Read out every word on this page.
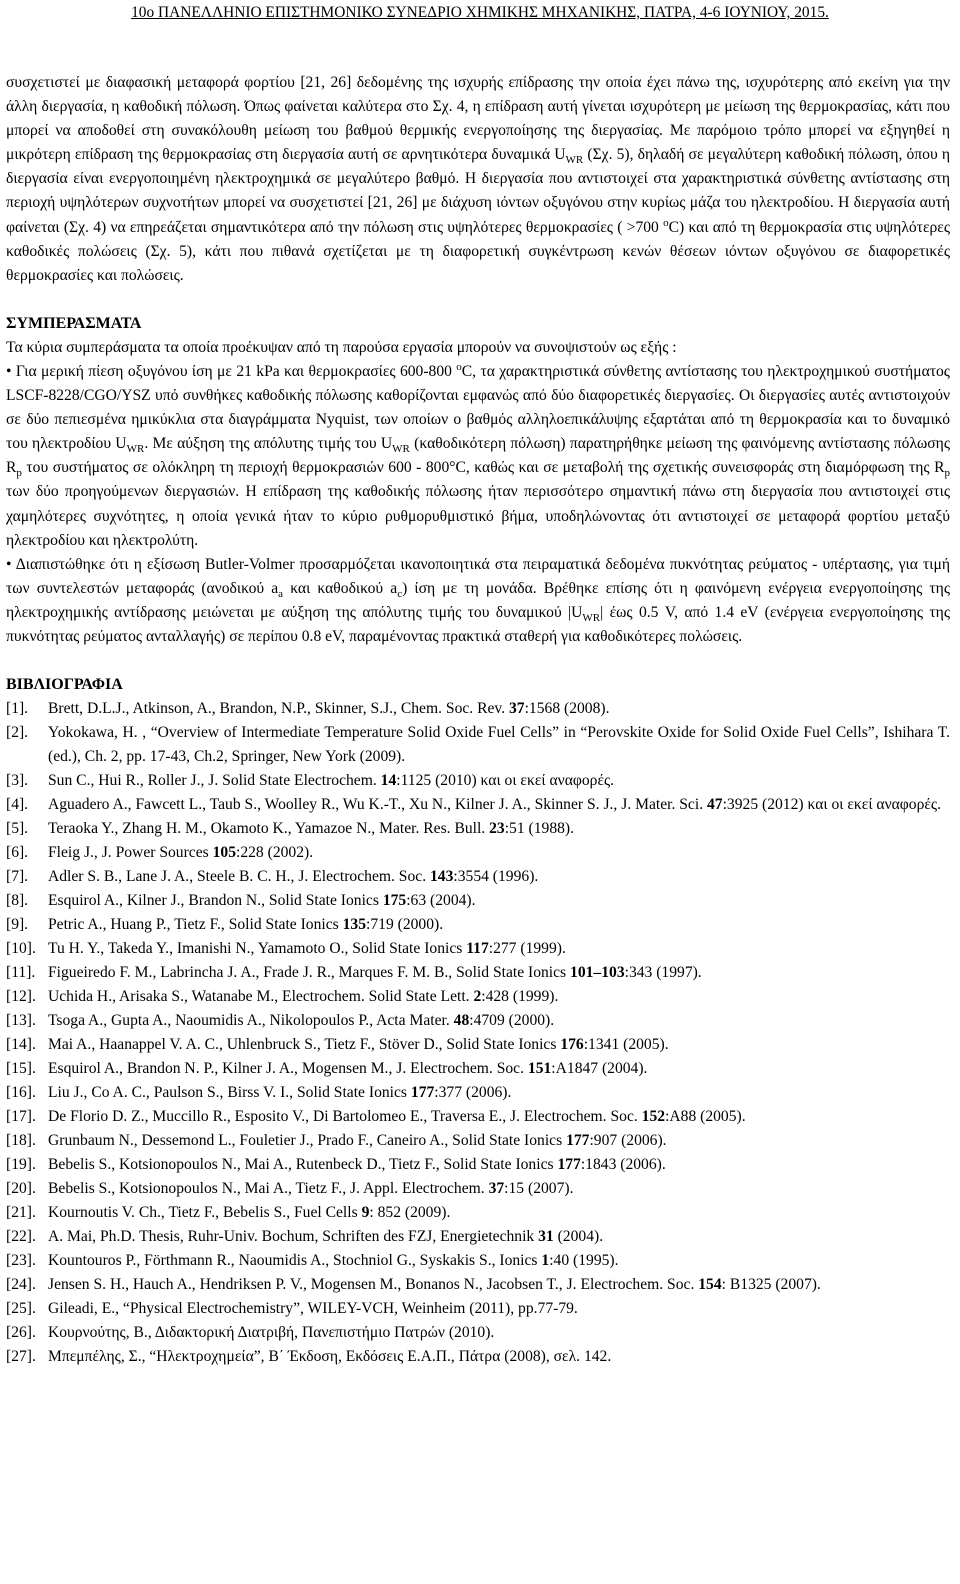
10ο ΠΑΝΕΛΛΗΝΙΟ ΕΠΙΣΤΗΜΟΝΙΚΟ ΣΥΝΕΔΡΙΟ ΧΗΜΙΚΗΣ ΜΗΧΑΝΙΚΗΣ, ΠΑΤΡΑ, 4-6 ΙΟΥΝΙΟΥ, 2015.

συσχετιστεί με διαφασική μεταφορά φορτίου [21, 26] δεδομένης της ισχυρής επίδρασης την οποία έχει πάνω της, ισχυρότερης από εκείνη για την άλλη διεργασία, η καθοδική πόλωση. Όπως φαίνεται καλύτερα στο Σχ. 4, η επίδραση αυτή γίνεται ισχυρότερη με μείωση της θερμοκρασίας, κάτι που μπορεί να αποδοθεί στη συνακόλουθη μείωση του βαθμού θερμικής ενεργοποίησης της διεργασίας. Με παρόμοιο τρόπο μπορεί να εξηγηθεί η μικρότερη επίδραση της θερμοκρασίας στη διεργασία αυτή σε αρνητικότερα δυναμικά $U_{WR}$ (Σχ. 5), δηλαδή σε μεγαλύτερη καθοδική πόλωση, όπου η διεργασία είναι ενεργοποιημένη ηλεκτροχημικά σε μεγαλύτερο βαθμό. Η διεργασία που αντιστοιχεί στα χαρακτηριστικά σύνθετης αντίστασης στη περιοχή υψηλότερων συχνοτήτων μπορεί να συσχετιστεί [21, 26] με διάχυση ιόντων οξυγόνου στην κυρίως μάζα του ηλεκτροδίου. Η διεργασία αυτή φαίνεται (Σχ. 4) να επηρεάζεται σημαντικότερα από την πόλωση στις υψηλότερες θερμοκρασίες ( >700 $^o$C) και από τη θερμοκρασία στις υψηλότερες καθοδικές πολώσεις (Σχ. 5), κάτι που πιθανά σχετίζεται με τη διαφορετική συγκέντρωση κενών θέσεων ιόντων οξυγόνου σε διαφορετικές θερμοκρασίες και πολώσεις.

ΣΥΜΠΕΡΑΣΜΑΤΑ

Τα κύρια συμπεράσματα τα οποία προέκυψαν από τη παρούσα εργασία μπορούν να συνοψιστούν ως εξής :

• Για μερική πίεση οξυγόνου ίση με 21 kPa και θερμοκρασίες 600-800 $^o$C, τα χαρακτηριστικά σύνθετης αντίστασης του ηλεκτροχημικού συστήματος LSCF-8228/CGO/YSZ υπό συνθήκες καθοδικής πόλωσης καθορίζονται εμφανώς από δύο διαφορετικές διεργασίες. Οι διεργασίες αυτές αντιστοιχούν σε δύο πεπιεσμένα ημικύκλια στα διαγράμματα Nyquist, των οποίων ο βαθμός αλληλοεπικάλυψης εξαρτάται από τη θερμοκρασία και το δυναμικό του ηλεκτροδίου $U_{WR}$. Με αύξηση της απόλυτης τιμής του $U_{WR}$ (καθοδικότερη πόλωση) παρατηρήθηκε μείωση της φαινόμενης αντίστασης πόλωσης $R_p$ του συστήματος σε ολόκληρη τη περιοχή θερμοκρασιών 600 - 800°C, καθώς και σε μεταβολή της σχετικής συνεισφοράς στη διαμόρφωση της $R_p$ των δύο προηγούμενων διεργασιών. Η επίδραση της καθοδικής πόλωσης ήταν περισσότερο σημαντική πάνω στη διεργασία που αντιστοιχεί στις χαμηλότερες συχνότητες, η οποία γενικά ήταν το κύριο ρυθμορυθμιστικό βήμα, υποδηλώνοντας ότι αντιστοιχεί σε μεταφορά φορτίου μεταξύ ηλεκτροδίου και ηλεκτρολύτη.

• Διαπιστώθηκε ότι η εξίσωση Butler-Volmer προσαρμόζεται ικανοποιητικά στα πειραματικά δεδομένα πυκνότητας ρεύματος - υπέρτασης, για τιμή των συντελεστών μεταφοράς (ανοδικού $a_a$ και καθοδικού $a_c$) ίση με τη μονάδα. Βρέθηκε επίσης ότι η φαινόμενη ενέργεια ενεργοποίησης της ηλεκτροχημικής αντίδρασης μειώνεται με αύξηση της απόλυτης τιμής του δυναμικού $|U_{WR}|$ έως 0.5 V, από 1.4 eV (ενέργεια ενεργοποίησης της πυκνότητας ρεύματος ανταλλαγής) σε περίπου 0.8 eV, παραμένοντας πρακτικά σταθερή για καθοδικότερες πολώσεις.

ΒΙΒΛΙΟΓΡΑΦΙΑ
[1].	Brett, D.L.J., Atkinson, A., Brandon, N.P., Skinner, S.J., Chem. Soc. Rev. 37:1568 (2008).
[2].	Yokokawa, H. , “Overview of Intermediate Temperature Solid Oxide Fuel Cells” in “Perovskite Oxide for Solid Oxide Fuel Cells”, Ishihara T. (ed.), Ch. 2, pp. 17-43, Ch.2, Springer, New York (2009).
[3].	Sun C., Hui R., Roller J., J. Solid State Electrochem. 14:1125 (2010) και οι εκεί αναφορές.
[4].	Aguadero A., Fawcett L., Taub S., Woolley R., Wu K.-T., Xu N., Kilner J. A., Skinner S. J., J. Mater. Sci. 47:3925 (2012) και οι εκεί αναφορές.
[5].	Teraoka Y., Zhang H. M., Okamoto K., Yamazoe N., Mater. Res. Bull. 23:51 (1988).
[6].	Fleig J., J. Power Sources 105:228 (2002).
[7].	Adler S. B., Lane J. A., Steele B. C. H., J. Electrochem. Soc. 143:3554 (1996).
[8].	Esquirol A., Kilner J., Brandon N., Solid State Ionics 175:63 (2004).
[9].	Petric A., Huang P., Tietz F., Solid State Ionics 135:719 (2000).
[10]. Tu H. Y., Takeda Y., Imanishi N., Yamamoto O., Solid State Ionics 117:277 (1999).
[11]. Figueiredo F. M., Labrincha J. A., Frade J. R., Marques F. M. B., Solid State Ionics 101–103:343 (1997).
[12]. Uchida H., Arisaka S., Watanabe M., Electrochem. Solid State Lett. 2:428 (1999).
[13]. Tsoga A., Gupta A., Naoumidis A., Nikolopoulos P., Acta Mater. 48:4709 (2000).
[14]. Mai A., Haanappel V. A. C., Uhlenbruck S., Tietz F., Stöver D., Solid State Ionics 176:1341 (2005).
[15]. Esquirol A., Brandon N. P., Kilner J. A., Mogensen M., J. Electrochem. Soc. 151:A1847 (2004).
[16]. Liu J., Co A. C., Paulson S., Birss V. I., Solid State Ionics 177:377 (2006).
[17]. De Florio D. Z., Muccillo R., Esposito V., Di Bartolomeo E., Traversa E., J. Electrochem. Soc. 152:A88 (2005).
[18]. Grunbaum N., Dessemond L., Fouletier J., Prado F., Caneiro A., Solid State Ionics 177:907 (2006).
[19]. Bebelis S., Kotsionopoulos N., Mai A., Rutenbeck D., Tietz F., Solid State Ionics 177:1843 (2006).
[20]. Bebelis S., Kotsionopoulos N., Mai A., Tietz F., J. Appl. Electrochem. 37:15 (2007).
[21]. Kournoutis V. Ch., Tietz F., Bebelis S., Fuel Cells 9: 852 (2009).
[22]. A. Mai, Ph.D. Thesis, Ruhr-Univ. Bochum, Schriften des FZJ, Energietechnik 31 (2004).
[23]. Kountouros P., Förthmann R., Naoumidis A., Stochniol G., Syskakis S., Ionics 1:40 (1995).
[24]. Jensen S. H., Hauch A., Hendriksen P. V., Mogensen M., Bonanos N., Jacobsen T., J. Electrochem. Soc. 154: B1325 (2007).
[25]. Gileadi, E., “Physical Electrochemistry”, WILEY-VCH, Weinheim (2011), pp.77-79.
[26]. Κουρνούτης, Β., Διδακτορική Διατριβή, Πανεπιστήμιο Πατρών (2010).
[27]. Μπεμπέλης, Σ., “Ηλεκτροχημεία”, B΄ Έκδοση, Εκδόσεις Ε.Α.Π., Πάτρα (2008), σελ. 142.
